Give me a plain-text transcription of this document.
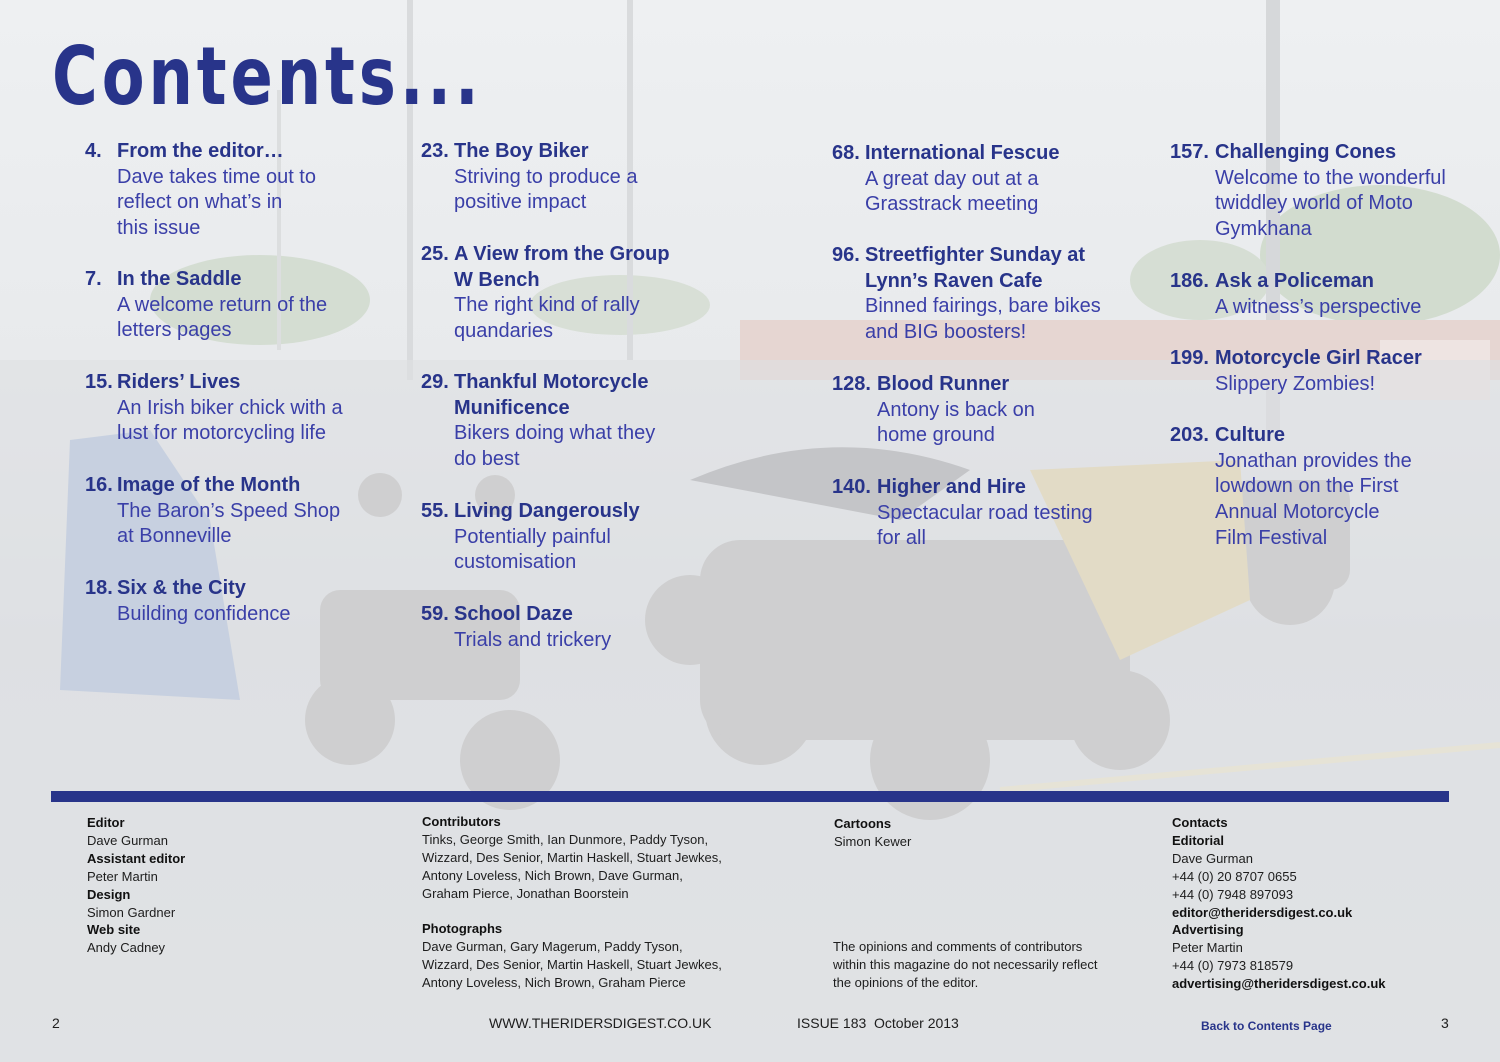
Contents...
4. From the editor…
Dave takes time out to
reflect on what’s in
this issue
7. In the Saddle
A welcome return of the
letters pages
15. Riders’ Lives
An Irish biker chick with a
lust for motorcycling life
16. Image of the Month
The Baron’s Speed Shop
at Bonneville
18. Six & the City
Building confidence
23. The Boy Biker
Striving to produce a
positive impact
25. A View from the Group
W Bench
The right kind of rally
quandaries
29. Thankful Motorcycle
Munificence
Bikers doing what they
do best
55. Living Dangerously
Potentially painful
customisation
59. School Daze
Trials and trickery
68. International Fescue
A great day out at a
Grasstrack meeting
96. Streetfighter Sunday at
Lynn’s Raven Cafe
Binned fairings, bare bikes
and BIG boosters!
128. Blood Runner
Antony is back on
home ground
140. Higher and Hire
Spectacular road testing
for all
157. Challenging Cones
Welcome to the wonderful
twiddley world of Moto
Gymkhana
186. Ask a Policeman
A witness’s perspective
199. Motorcycle Girl Racer
Slippery Zombies!
203. Culture
Jonathan provides the
lowdown on the First
Annual Motorcycle
Film Festival
Editor
Dave Gurman
Assistant editor
Peter Martin
Design
Simon Gardner
Web site
Andy Cadney
Contributors
Tinks, George Smith, Ian Dunmore, Paddy Tyson,
Wizzard, Des Senior, Martin Haskell, Stuart Jewkes,
Antony Loveless, Nich Brown, Dave Gurman,
Graham Pierce, Jonathan Boorstein
Photographs
Dave Gurman, Gary Magerum, Paddy Tyson,
Wizzard, Des Senior, Martin Haskell, Stuart Jewkes,
Antony Loveless, Nich Brown, Graham Pierce
Cartoons
Simon Kewer
The opinions and comments of contributors
within this magazine do not necessarily reflect
the opinions of the editor.
Contacts
Editorial
Dave Gurman
+44 (0) 20 8707 0655
+44 (0) 7948 897093
editor@theridersdigest.co.uk
Advertising
Peter Martin
+44 (0) 7973 818579
advertising@theridersdigest.co.uk
2	WWW.THERIDERSDIGEST.CO.UK	ISSUE 183 October 2013	Back to Contents Page	3
